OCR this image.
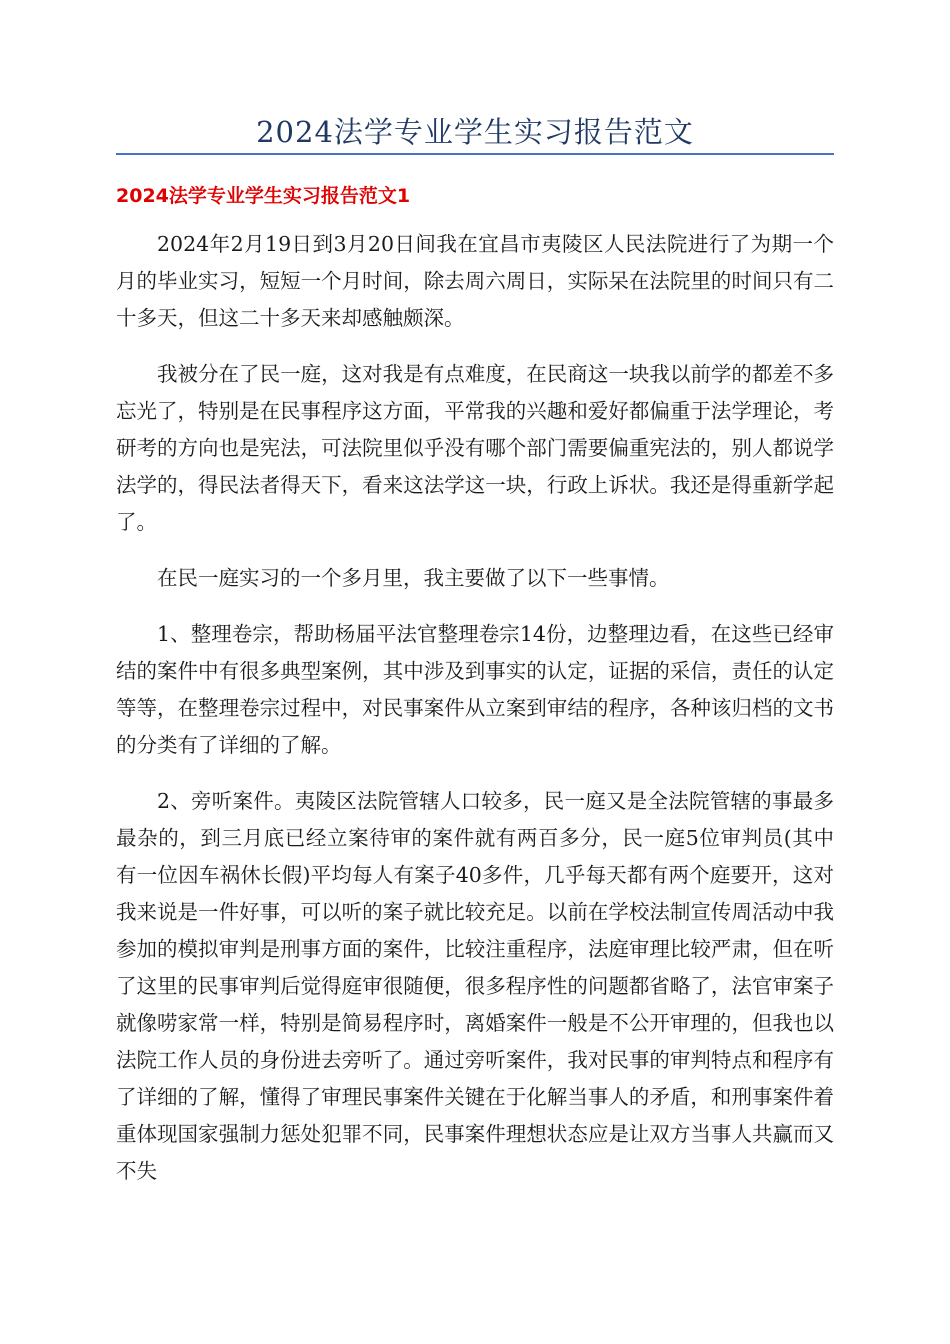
2024法学专业学生实习报告范文
2024法学专业学生实习报告范文1

2024年2月19日到3月20日间我在宜昌市夷陵区人民法院进行了为期一个月的毕业实习，短短一个月时间，除去周六周日，实际呆在法院里的时间只有二十多天，但这二十多天来却感触颇深。

我被分在了民一庭，这对我是有点难度，在民商这一块我以前学的都差不多忘光了，特别是在民事程序这方面，平常我的兴趣和爱好都偏重于法学理论，考研考的方向也是宪法，可法院里似乎没有哪个部门需要偏重宪法的，别人都说学法学的，得民法者得天下，看来这法学这一块，行政上诉状。我还是得重新学起了。

在民一庭实习的一个多月里，我主要做了以下一些事情。

1、整理卷宗，帮助杨届平法官整理卷宗14份，边整理边看，在这些已经审结的案件中有很多典型案例，其中涉及到事实的认定，证据的采信，责任的认定等等，在整理卷宗过程中，对民事案件从立案到审结的程序，各种该归档的文书的分类有了详细的了解。

2、旁听案件。夷陵区法院管辖人口较多，民一庭又是全法院管辖的事最多最杂的，到三月底已经立案待审的案件就有两百多分，民一庭5位审判员(其中有一位因车祸休长假)平均每人有案子40多件，几乎每天都有两个庭要开，这对我来说是一件好事，可以听的案子就比较充足。以前在学校法制宣传周活动中我参加的模拟审判是刑事方面的案件，比较注重程序，法庭审理比较严肃，但在听了这里的民事审判后觉得庭审很随便，很多程序性的问题都省略了，法官审案子就像唠家常一样，特别是简易程序时，离婚案件一般是不公开审理的，但我也以法院工作人员的身份进去旁听了。通过旁听案件，我对民事的审判特点和程序有了详细的了解，懂得了审理民事案件关键在于化解当事人的矛盾，和刑事案件着重体现国家强制力惩处犯罪不同，民事案件理想状态应是让双方当事人共赢而又不失
